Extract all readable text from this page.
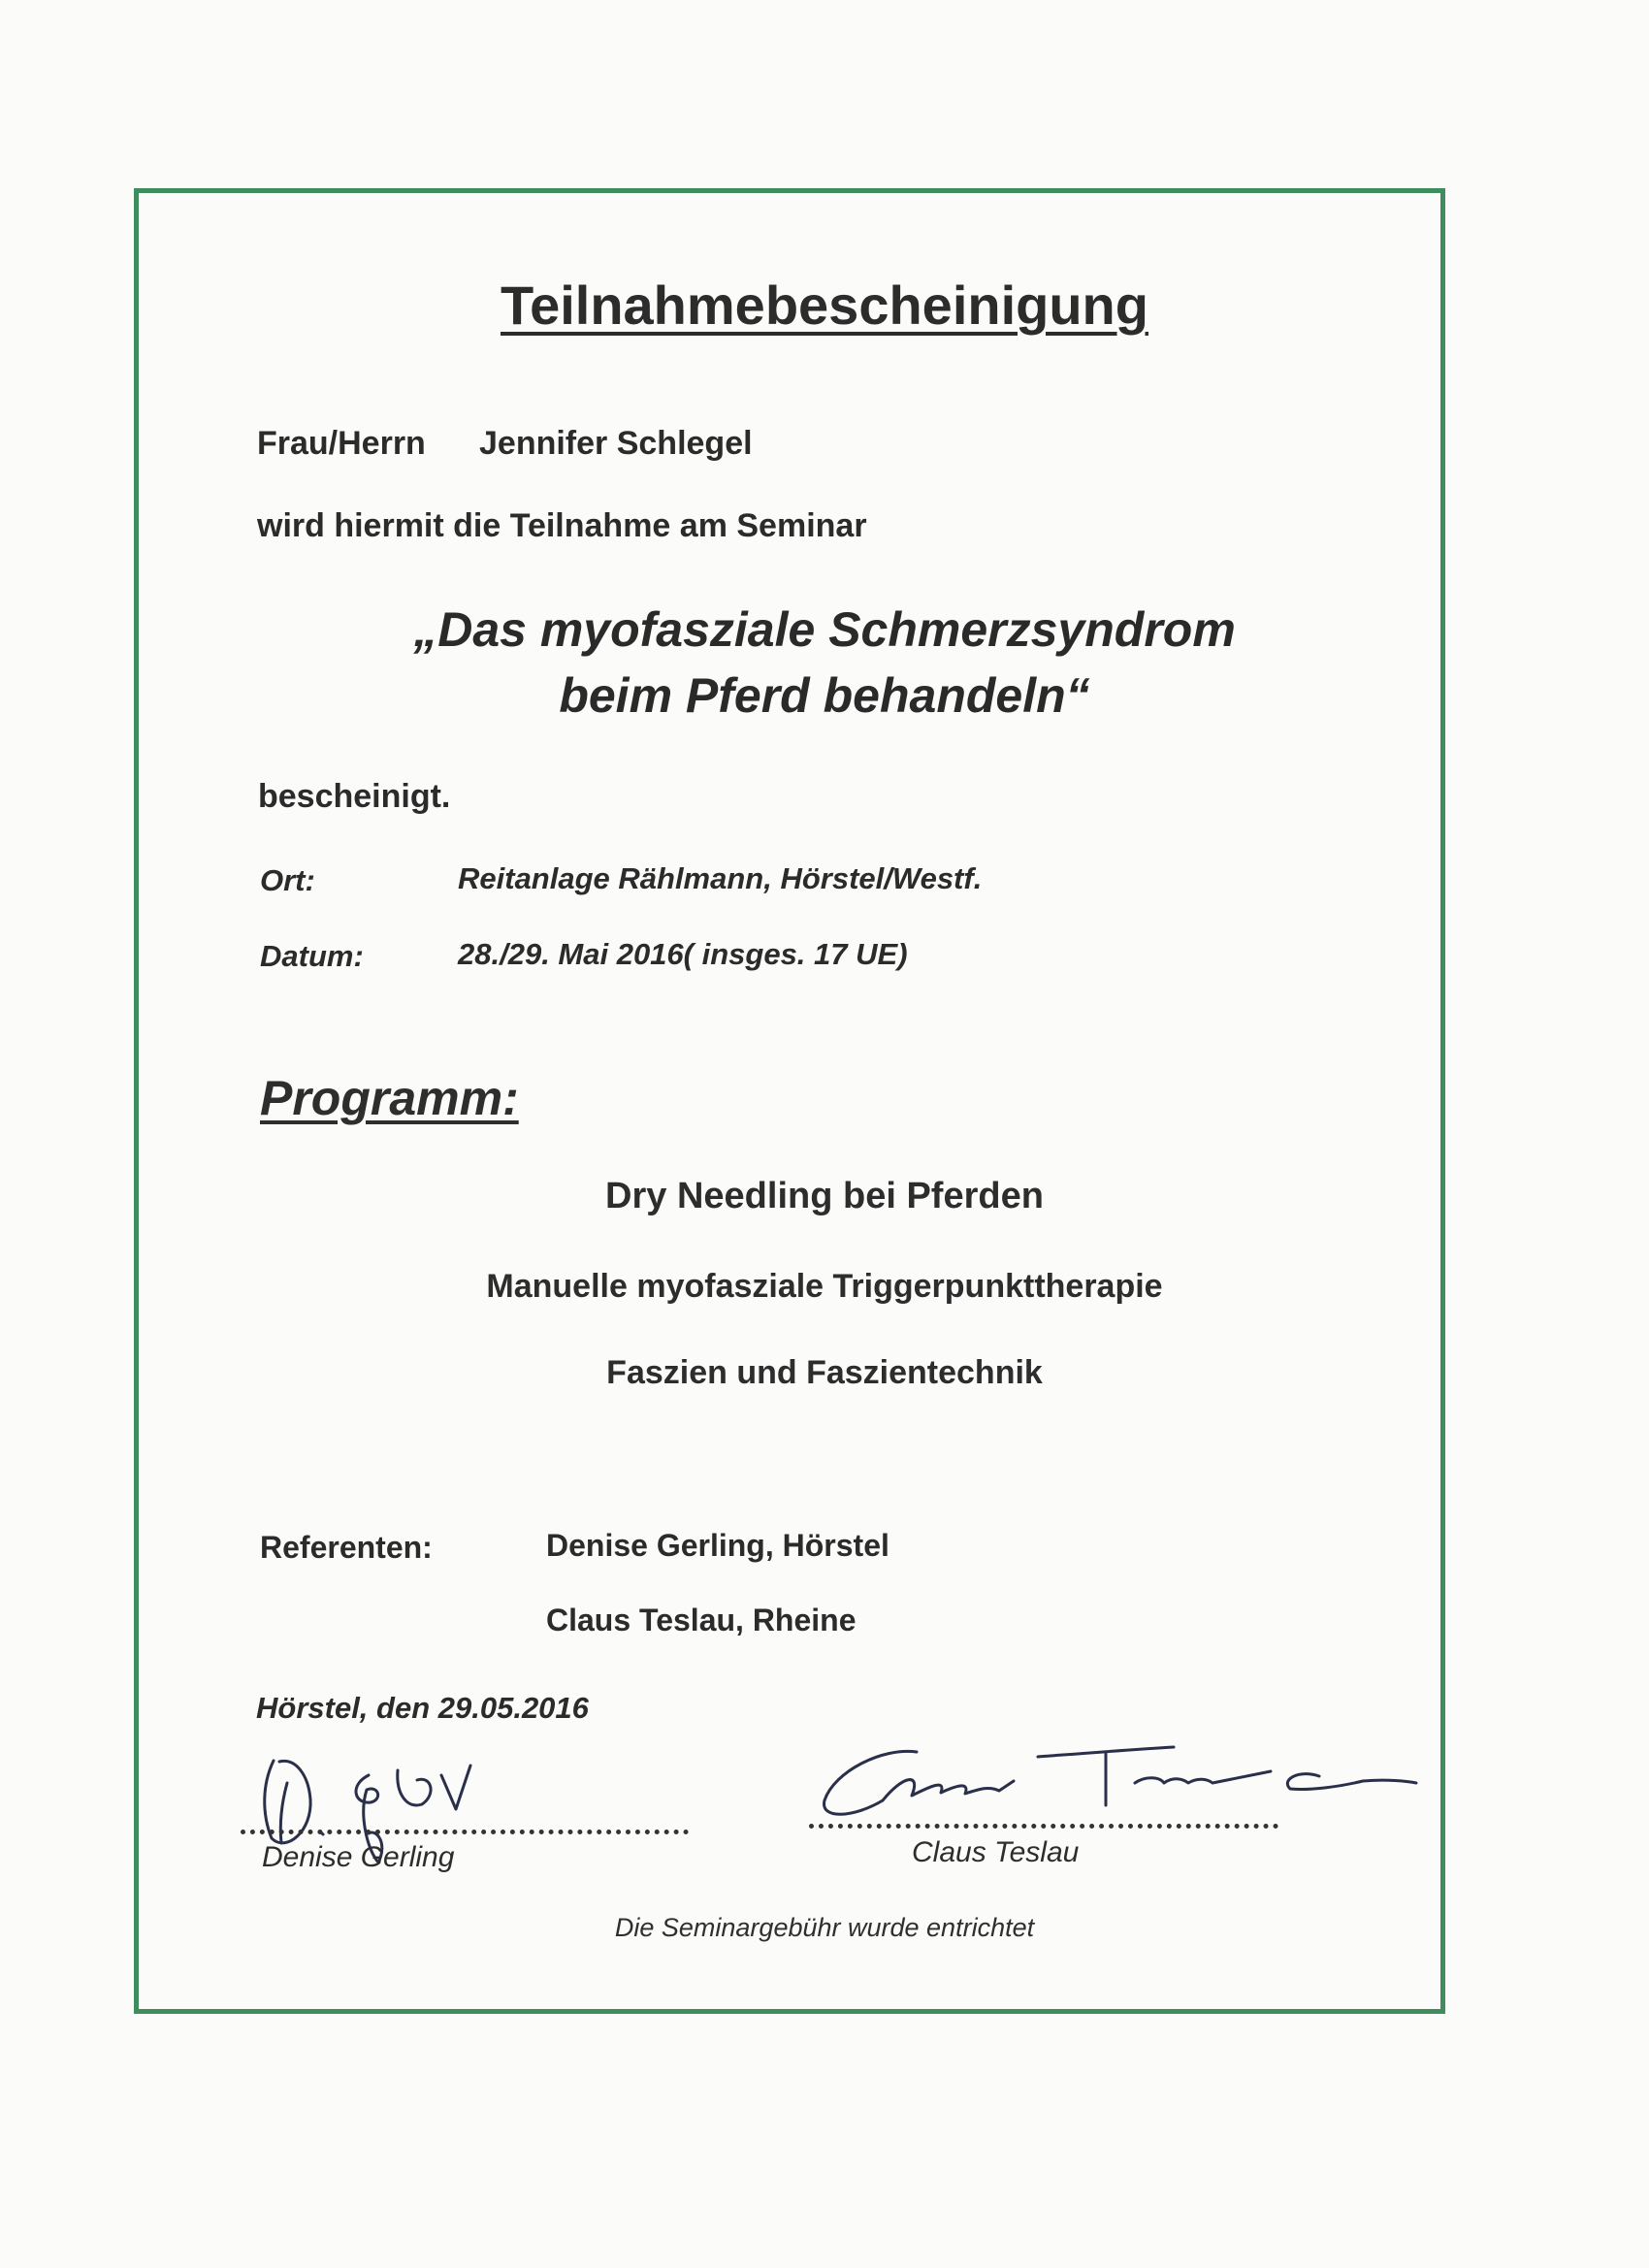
Teilnahmebescheinigung
Frau/Herrn Jennifer Schlegel
wird hiermit die Teilnahme am Seminar
„Das myofasziale Schmerzsyndrom
beim Pferd behandeln“
bescheinigt.
Ort:	Reitanlage Rählmann, Hörstel/Westf.
Datum:	28./29. Mai 2016( insges. 17 UE)
Programm:
Dry Needling bei Pferden
Manuelle myofasziale Triggerpunkttherapie
Faszien und Faszientechnik
Referenten:	Denise Gerling, Hörstel
Claus Teslau, Rheine
Hörstel, den 29.05.2016
Denise Gerling	Claus Teslau
Die Seminargebühr wurde entrichtet
